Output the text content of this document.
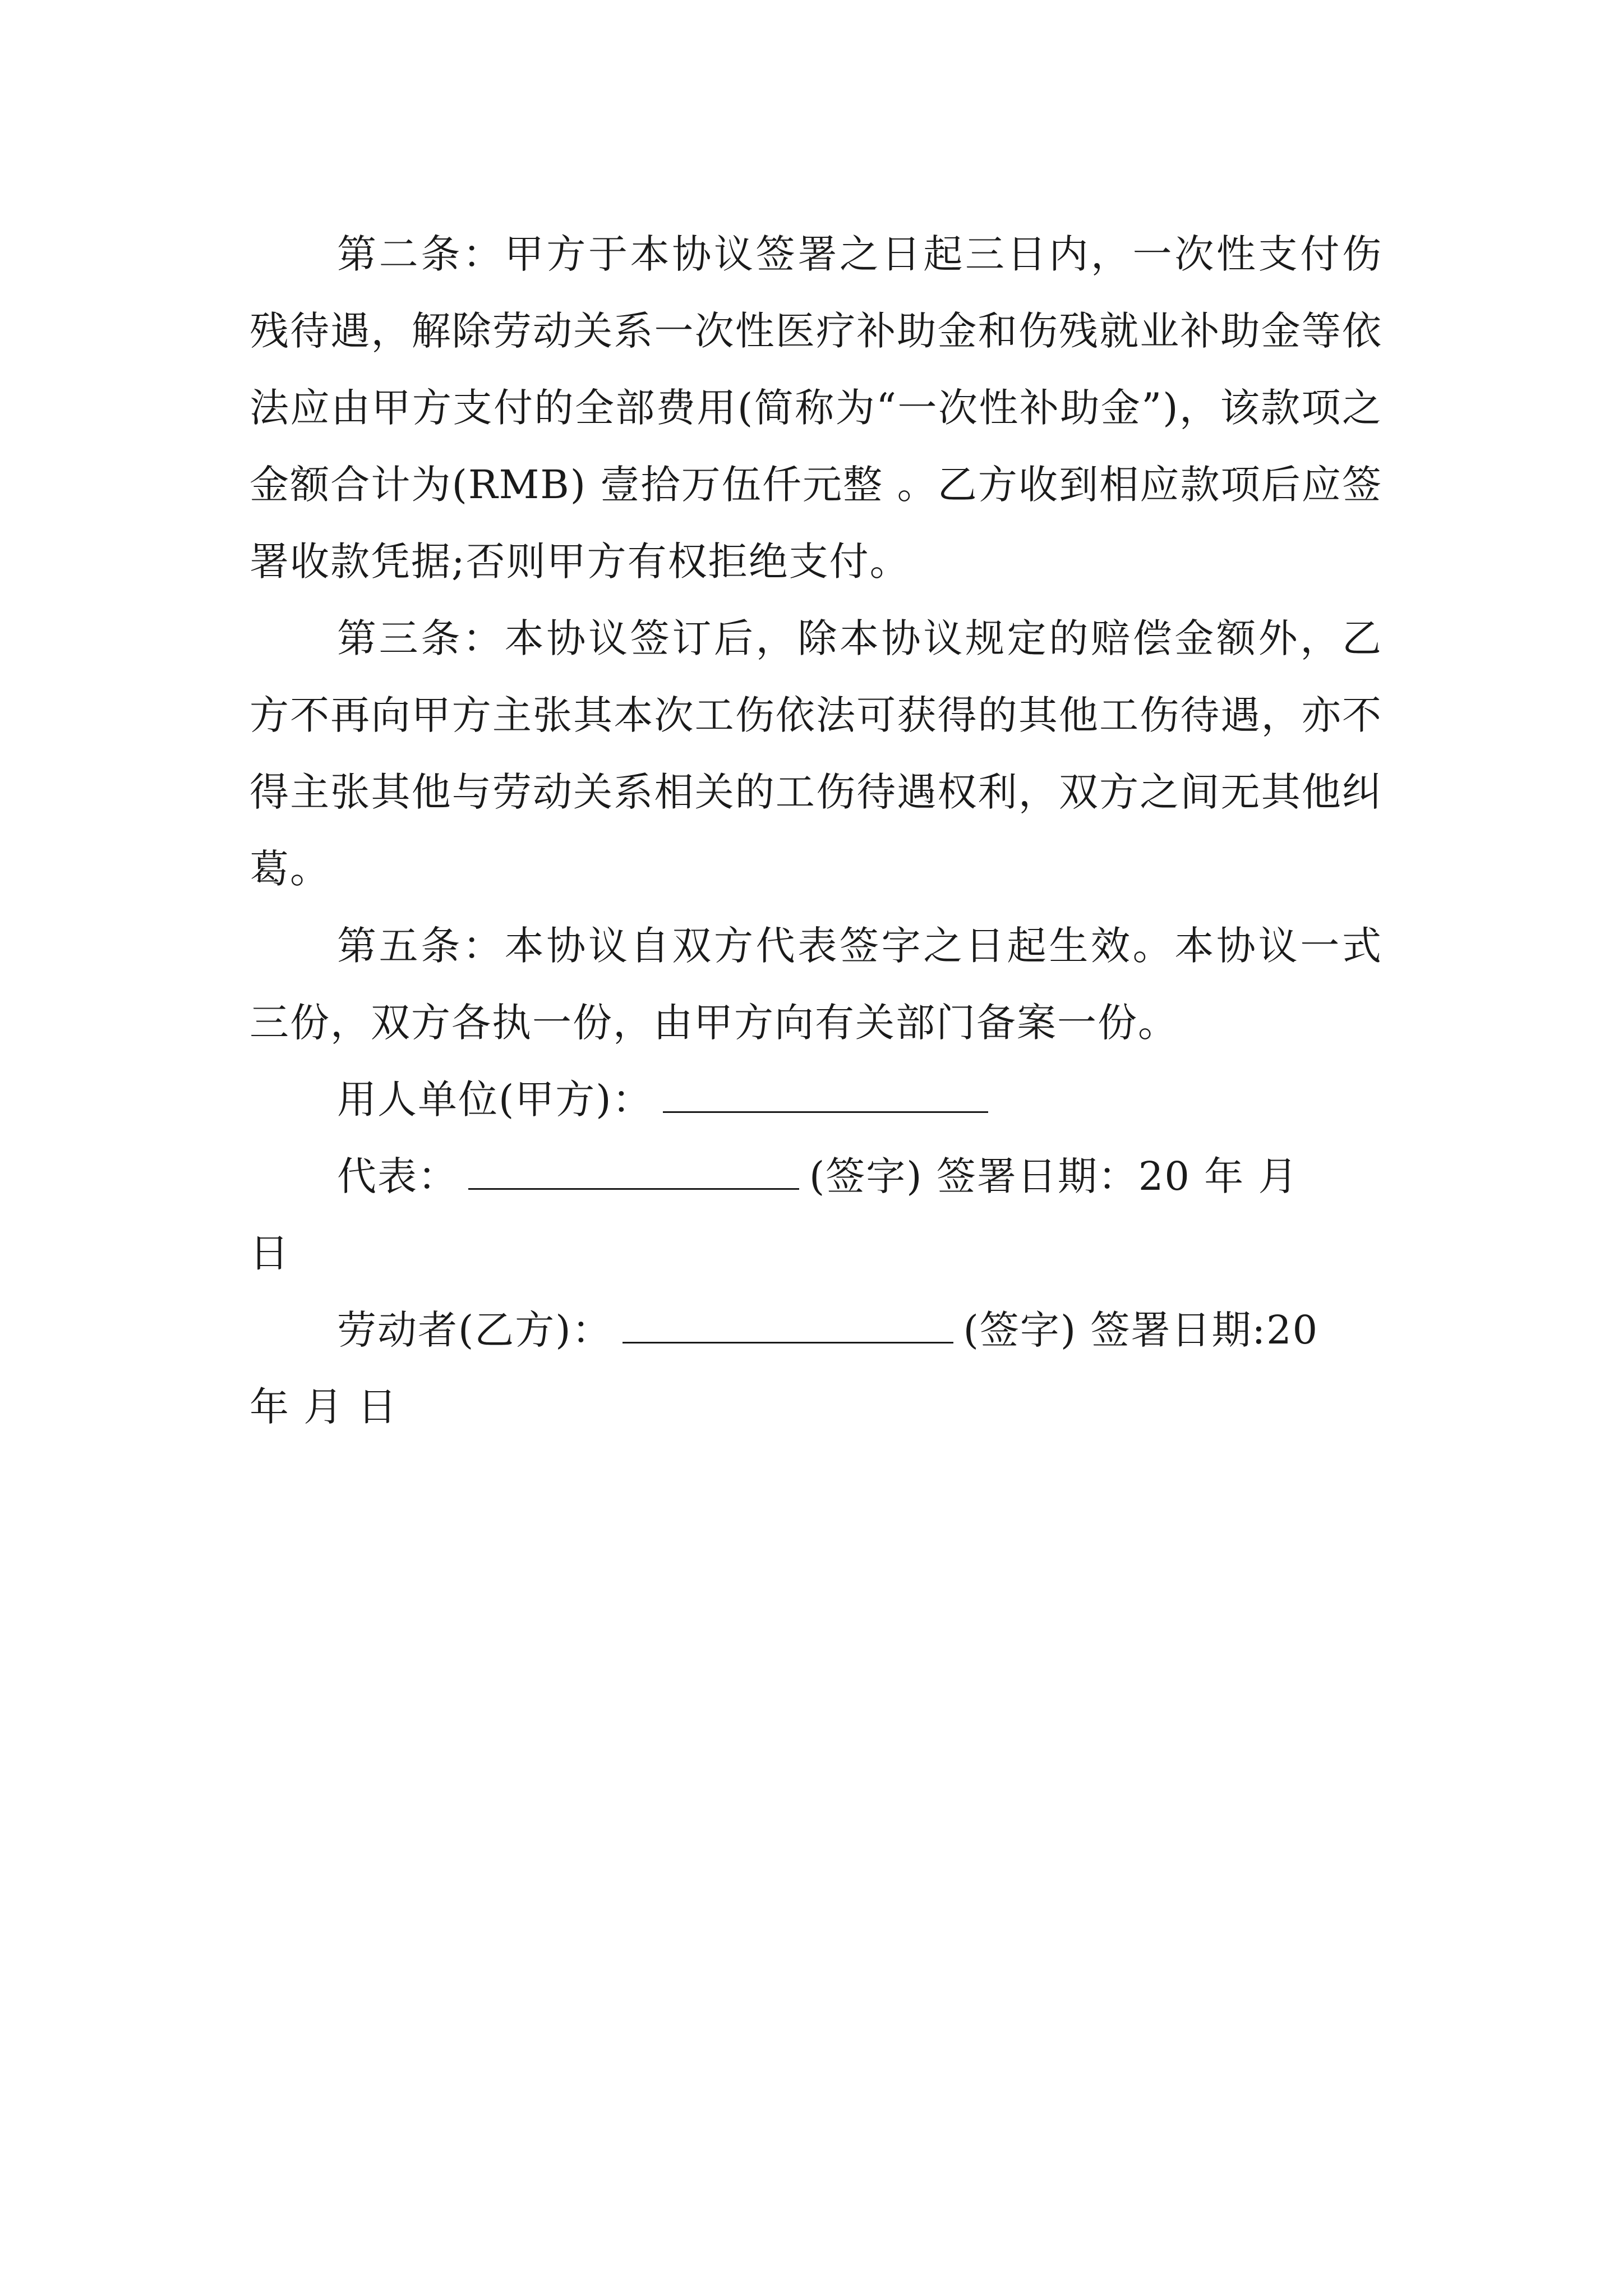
第二条：甲方于本协议签署之日起三日内，一次性支付伤残待遇，解除劳动关系一次性医疗补助金和伤残就业补助金等依法应由甲方支付的全部费用(简称为“一次性补助金”)，该款项之金额合计为(RMB) 壹拾万伍仟元整 。乙方收到相应款项后应签署收款凭据;否则甲方有权拒绝支付。

第三条：本协议签订后，除本协议规定的赔偿金额外，乙方不再向甲方主张其本次工伤依法可获得的其他工伤待遇，亦不得主张其他与劳动关系相关的工伤待遇权利，双方之间无其他纠葛。

第五条：本协议自双方代表签字之日起生效。本协议一式三份，双方各执一份，由甲方向有关部门备案一份。

用人单位(甲方)：

代表：	(签字) 签署日期：20 年 月

日

劳动者(乙方)：	(签字) 签署日期:20

年 月 日
